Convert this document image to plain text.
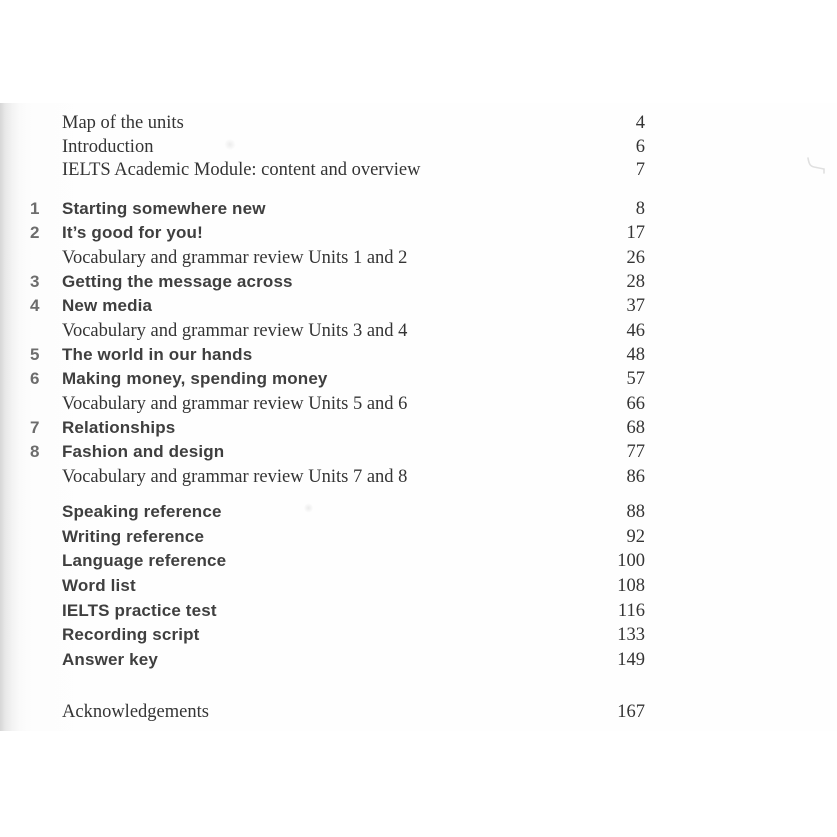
Map of the units	4
Introduction	6
IELTS Academic Module: content and overview	7
1 Starting somewhere new	8
2 It’s good for you!	17
Vocabulary and grammar review Units 1 and 2	26
3 Getting the message across	28
4 New media	37
Vocabulary and grammar review Units 3 and 4	46
5 The world in our hands	48
6 Making money, spending money	57
Vocabulary and grammar review Units 5 and 6	66
7 Relationships	68
8 Fashion and design	77
Vocabulary and grammar review Units 7 and 8	86
Speaking reference	88
Writing reference	92
Language reference	100
Word list	108
IELTS practice test	116
Recording script	133
Answer key	149
Acknowledgements	167
